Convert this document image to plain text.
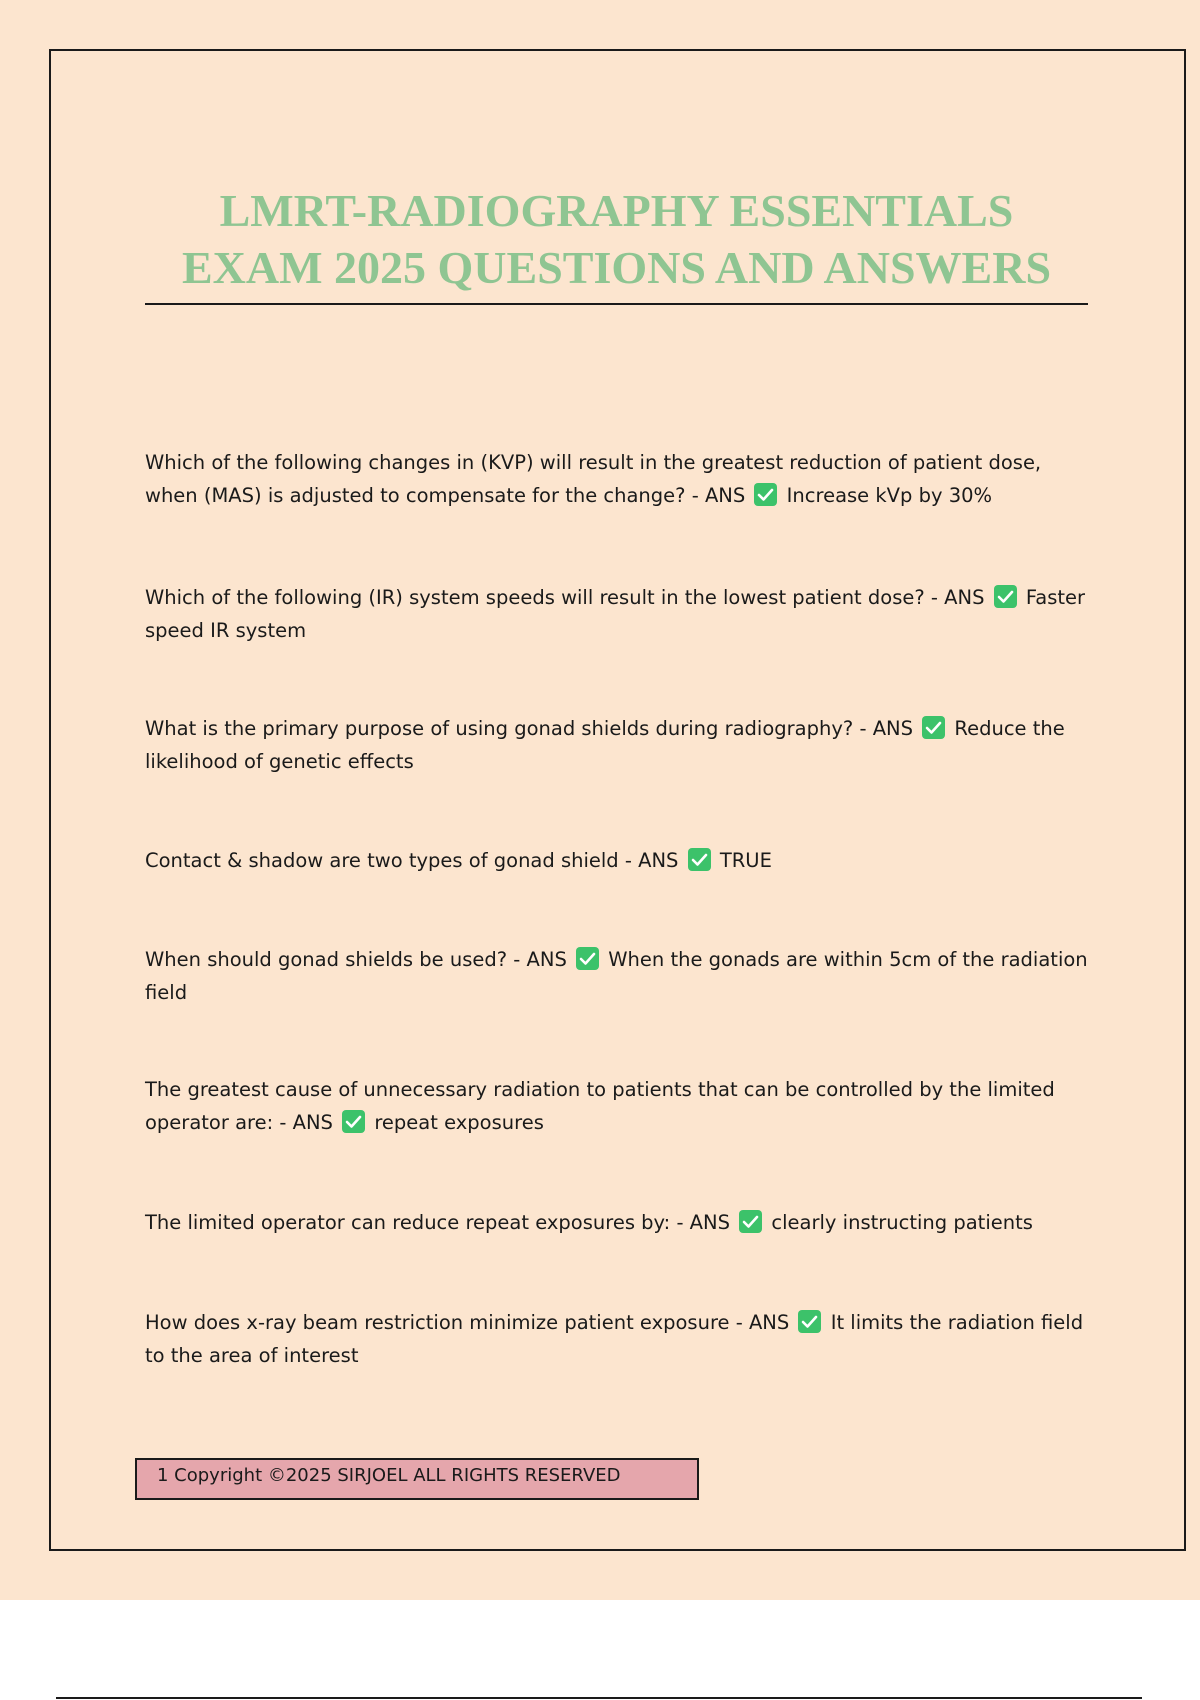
LMRT-RADIOGRAPHY ESSENTIALS
EXAM 2025 QUESTIONS AND ANSWERS

Which of the following changes in (KVP) will result in the greatest reduction of patient dose, when (MAS) is adjusted to compensate for the change? - ANS Increase kVp by 30%

Which of the following (IR) system speeds will result in the lowest patient dose? - ANS Faster speed IR system

What is the primary purpose of using gonad shields during radiography? - ANS Reduce the likelihood of genetic effects

Contact & shadow are two types of gonad shield - ANS TRUE

When should gonad shields be used? - ANS When the gonads are within 5cm of the radiation field

The greatest cause of unnecessary radiation to patients that can be controlled by the limited operator are: - ANS repeat exposures

The limited operator can reduce repeat exposures by: - ANS clearly instructing patients

How does x-ray beam restriction minimize patient exposure - ANS It limits the radiation field to the area of interest

1 Copyright ©2025 SIRJOEL ALL RIGHTS RESERVED
